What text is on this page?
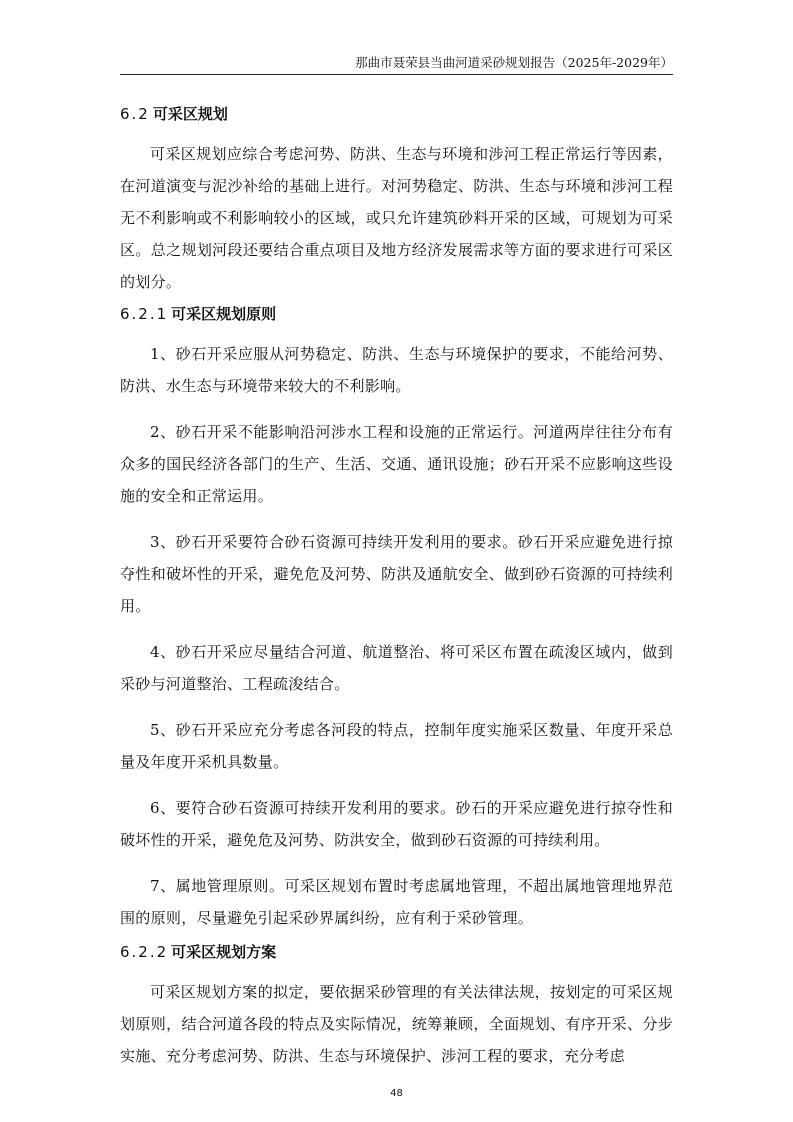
那曲市聂荣县当曲河道采砂规划报告（2025年-2029年）
6.2 可采区规划

可采区规划应综合考虑河势、防洪、生态与环境和涉河工程正常运行等因素，在河道演变与泥沙补给的基础上进行。对河势稳定、防洪、生态与环境和涉河工程无不利影响或不利影响较小的区域，或只允许建筑砂料开采的区域，可规划为可采区。总之规划河段还要结合重点项目及地方经济发展需求等方面的要求进行可采区的划分。

6.2.1 可采区规划原则

1、砂石开采应服从河势稳定、防洪、生态与环境保护的要求，不能给河势、防洪、水生态与环境带来较大的不利影响。

2、砂石开采不能影响沿河涉水工程和设施的正常运行。河道两岸往往分布有众多的国民经济各部门的生产、生活、交通、通讯设施；砂石开采不应影响这些设施的安全和正常运用。

3、砂石开采要符合砂石资源可持续开发利用的要求。砂石开采应避免进行掠夺性和破坏性的开采，避免危及河势、防洪及通航安全、做到砂石资源的可持续利用。

4、砂石开采应尽量结合河道、航道整治、将可采区布置在疏浚区域内，做到采砂与河道整治、工程疏浚结合。

5、砂石开采应充分考虑各河段的特点，控制年度实施采区数量、年度开采总量及年度开采机具数量。

6、要符合砂石资源可持续开发利用的要求。砂石的开采应避免进行掠夺性和破坏性的开采，避免危及河势、防洪安全，做到砂石资源的可持续利用。

7、属地管理原则。可采区规划布置时考虑属地管理，不超出属地管理地界范围的原则，尽量避免引起采砂界属纠纷，应有利于采砂管理。

6.2.2 可采区规划方案

可采区规划方案的拟定，要依据采砂管理的有关法律法规，按划定的可采区规划原则，结合河道各段的特点及实际情况，统筹兼顾，全面规划、有序开采、分步实施、充分考虑河势、防洪、生态与环境保护、涉河工程的要求，充分考虑

48
